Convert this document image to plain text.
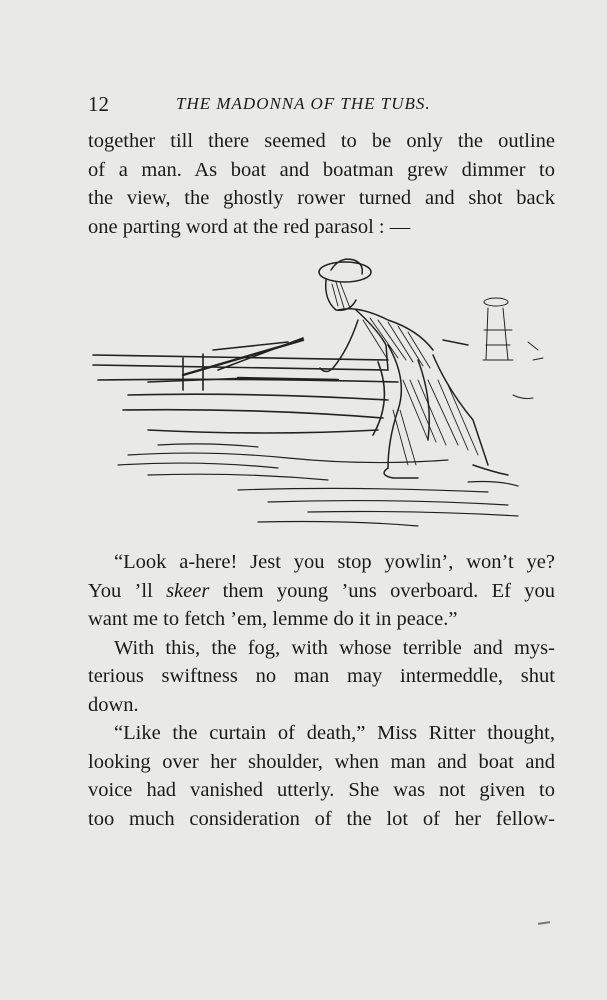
12	THE MADONNA OF THE TUBS.
together till there seemed to be only the outline
of a man. As boat and boatman grew dimmer to
the view, the ghostly rower turned and shot back
one parting word at the red parasol : —
“Look a-here! Jest you stop yowlin’, won’t ye?
You ’ll skeer them young ’uns overboard. Ef you
want me to fetch ’em, lemme do it in peace.”
With this, the fog, with whose terrible and mys-
terious swiftness no man may intermeddle, shut
down.
“Like the curtain of death,” Miss Ritter thought,
looking over her shoulder, when man and boat and
voice had vanished utterly. She was not given to
too much consideration of the lot of her fellow-
